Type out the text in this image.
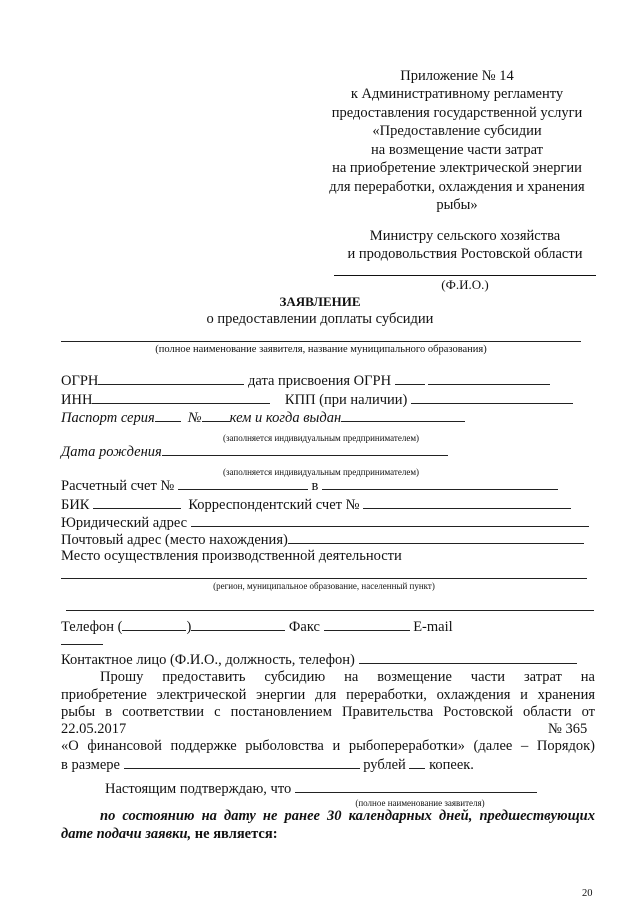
Приложение № 14
к Административному регламенту
предоставления государственной услуги
«Предоставление субсидии
на возмещение части затрат
на приобретение электрической энергии
для переработки, охлаждения и хранения
рыбы»
Министру сельского хозяйства
и продовольствия Ростовской области
(Ф.И.О.)
ЗАЯВЛЕНИЕ
о предоставлении доплаты субсидии
(полное наименование заявителя, название муниципального образования)
ОГРН	дата присвоения ОГРН
ИНН	КПП (при наличии)
Паспорт серия № кем и когда выдан
(заполняется индивидуальным предпринимателем)
Дата рождения
(заполняется индивидуальным предпринимателем)
Расчетный счет №	в
БИК	Корреспондентский счет №
Юридический адрес
Почтовый адрес (место нахождения)
Место осуществления производственной деятельности
(регион, муниципальное образование, населенный пункт)
Телефон (	)	Факс	E-mail
Контактное лицо (Ф.И.О., должность, телефон)
Прошу предоставить субсидию на возмещение части затрат на
приобретение электрической энергии для переработки, охлаждения и хранения
рыбы в соответствии с постановлением Правительства Ростовской области от
22.05.2017	№ 365
«О финансовой поддержке рыболовства и рыбопереработки» (далее – Порядок)
в размере	рублей копеек.
Настоящим подтверждаю, что
(полное наименование заявителя)
по состоянию на дату не ранее 30 календарных дней, предшествующих
дате подачи заявки, не является:
20
